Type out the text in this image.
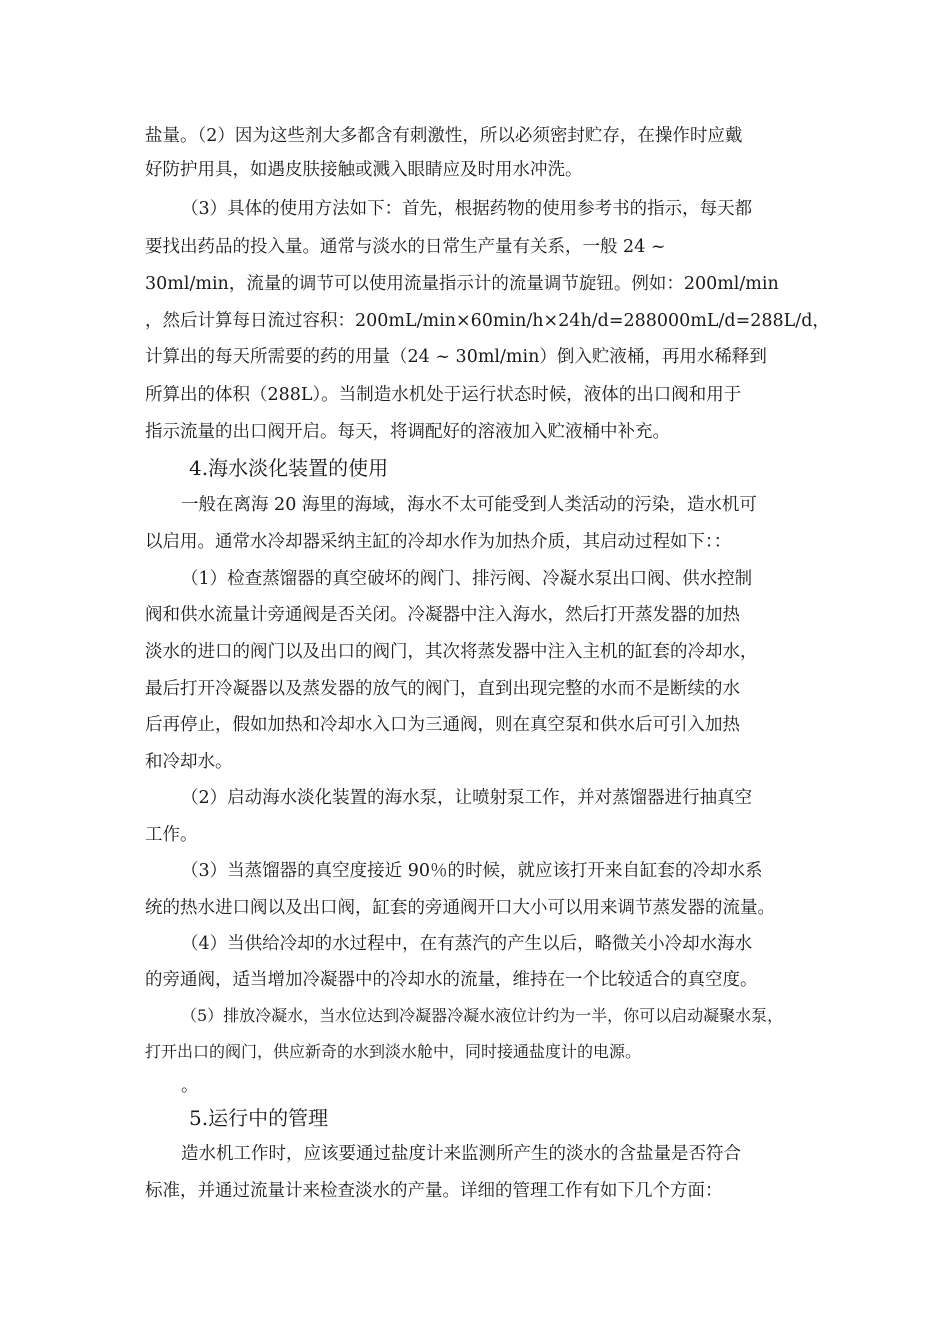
盐量。（2）因为这些剂大多都含有刺激性，所以必须密封贮存，在操作时应戴
好防护用具，如遇皮肤接触或溅入眼睛应及时用水冲洗。
（3）具体的使用方法如下：首先，根据药物的使用参考书的指示，每天都
要找出药品的投入量。通常与淡水的日常生产量有关系，一般 24 ~
30ml/min，流量的调节可以使用流量指示计的流量调节旋钮。例如：200ml/min
，然后计算每日流过容积：200mL/min×60min/h×24h/d=288000mL/d=288L/d，
计算出的每天所需要的药的用量（24 ~ 30ml/min）倒入贮液桶，再用水稀释到
所算出的体积（288L）。当制造水机处于运行状态时候，液体的出口阀和用于
指示流量的出口阀开启。每天，将调配好的溶液加入贮液桶中补充。
4.海水淡化装置的使用
一般在离海 20 海里的海域，海水不太可能受到人类活动的污染，造水机可
以启用。通常水冷却器采纳主缸的冷却水作为加热介质，其启动过程如下：：
（1）检查蒸馏器的真空破坏的阀门、排污阀、冷凝水泵出口阀、供水控制
阀和供水流量计旁通阀是否关闭。冷凝器中注入海水，然后打开蒸发器的加热
淡水的进口的阀门以及出口的阀门，其次将蒸发器中注入主机的缸套的冷却水，
最后打开冷凝器以及蒸发器的放气的阀门，直到出现完整的水而不是断续的水
后再停止，假如加热和冷却水入口为三通阀，则在真空泵和供水后可引入加热
和冷却水。
（2）启动海水淡化装置的海水泵，让喷射泵工作，并对蒸馏器进行抽真空
工作。
（3）当蒸馏器的真空度接近 90％的时候，就应该打开来自缸套的冷却水系
统的热水进口阀以及出口阀，缸套的旁通阀开口大小可以用来调节蒸发器的流量。
（4）当供给冷却的水过程中，在有蒸汽的产生以后，略微关小冷却水海水
的旁通阀，适当增加冷凝器中的冷却水的流量，维持在一个比较适合的真空度。
（5）排放冷凝水，当水位达到冷凝器冷凝水液位计约为一半，你可以启动凝聚水泵，
打开出口的阀门，供应新奇的水到淡水舱中，同时接通盐度计的电源。
。
5.运行中的管理
造水机工作时，应该要通过盐度计来监测所产生的淡水的含盐量是否符合
标准，并通过流量计来检查淡水的产量。详细的管理工作有如下几个方面：
